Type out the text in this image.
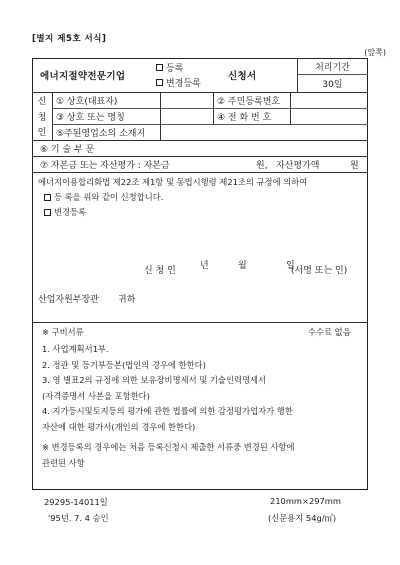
[별지 제5호 서식]
(앞쪽)
에너지절약전문기업
등록
변경등록
신청서
처리기간
30일
신
청
인
① 상호(대표자)	② 주민등록번호
③ 상호 또는 명칭	④ 전 화 번 호
⑤주된영업소의 소재지
⑥ 기 술 부 문
⑦ 자본금 또는 자산평가 : 자본금	원, 자산평가액	원
에너지이용합리화법 제22조 제1항 및 동법시행령 제21조의 규정에 의하여
등 록을 위와 같이 신청합니다.
변경등록
년	월	일
신 청 인	(서명 또는 인)
산업자원부장관 귀하
※ 구비서류	수수료 없음
1. 사업계획서1부.
2. 정관 및 등기부등본(법인의 경우에 한한다)
3. 영 별표2의 규정에 의한 보유장비명세서 및 기술인력명세서
(자격증명서 사본을 포함한다)
4. 지가등시및토지등의 평가에 관한 법률에 의한 감정평가업자가 행한
자산에 대한 평가서(개인의 경우에 한한다)
※ 변경등록의 경우에는 처음 등록신청시 제출한 서류중 변경된 사항에
관련된 사항
29295-14011일
'95년. 7. 4 승인
210mm×297mm
(신문용지 54g/㎡)
